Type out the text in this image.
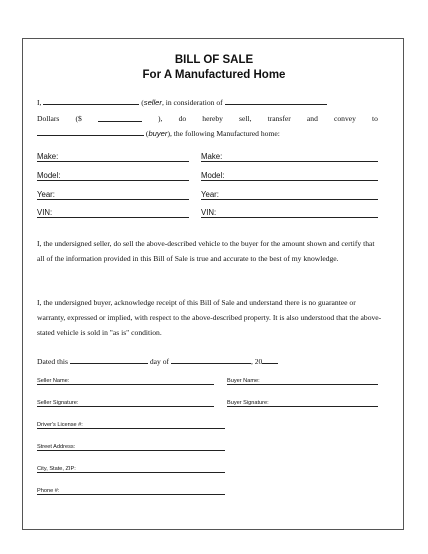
BILL OF SALE
For A Manufactured Home
I,	(seller, in consideration of
Dollars ($	), do hereby sell, transfer and convey to
(buyer), the following Manufactured home:
Make:	Make:
Model:	Model:
Year:	Year:
VIN:	VIN:
I, the undersigned seller, do sell the above-described vehicle to the buyer for the amount shown and certify that all of the information provided in this Bill of Sale is true and accurate to the best of my knowledge.
I, the undersigned buyer, acknowledge receipt of this Bill of Sale and understand there is no guarantee or warranty, expressed or implied, with respect to the above-described property. It is also understood that the above-stated vehicle is sold in "as is" condition.
Dated this	day of	, 20
Seller Name:	Buyer Name:
Seller Signature:	Buyer Signature:
Driver's License #:
Street Address:
City, State, ZIP:
Phone #:
